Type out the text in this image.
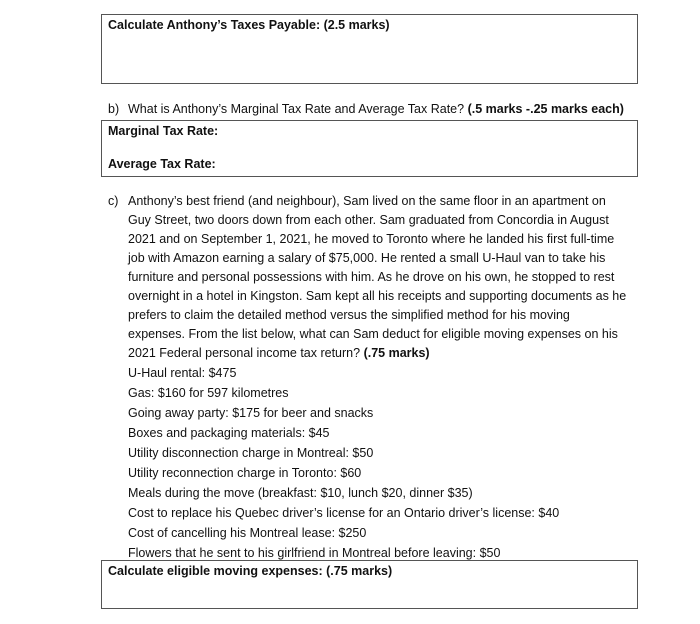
Calculate Anthony’s Taxes Payable: (2.5 marks)
b) What is Anthony’s Marginal Tax Rate and Average Tax Rate? (.5 marks -.25 marks each)
Marginal Tax Rate:
Average Tax Rate:
c) Anthony’s best friend (and neighbour), Sam lived on the same floor in an apartment on
Guy Street, two doors down from each other. Sam graduated from Concordia in August
2021 and on September 1, 2021, he moved to Toronto where he landed his first full-time
job with Amazon earning a salary of $75,000. He rented a small U-Haul van to take his
furniture and personal possessions with him. As he drove on his own, he stopped to rest
overnight in a hotel in Kingston. Sam kept all his receipts and supporting documents as he
prefers to claim the detailed method versus the simplified method for his moving
expenses. From the list below, what can Sam deduct for eligible moving expenses on his
2021 Federal personal income tax return? (.75 marks)
U-Haul rental: $475
Gas: $160 for 597 kilometres
Going away party: $175 for beer and snacks
Boxes and packaging materials: $45
Utility disconnection charge in Montreal: $50
Utility reconnection charge in Toronto: $60
Meals during the move (breakfast: $10, lunch $20, dinner $35)
Cost to replace his Quebec driver’s license for an Ontario driver’s license: $40
Cost of cancelling his Montreal lease: $250
Flowers that he sent to his girlfriend in Montreal before leaving: $50
Calculate eligible moving expenses: (.75 marks)
